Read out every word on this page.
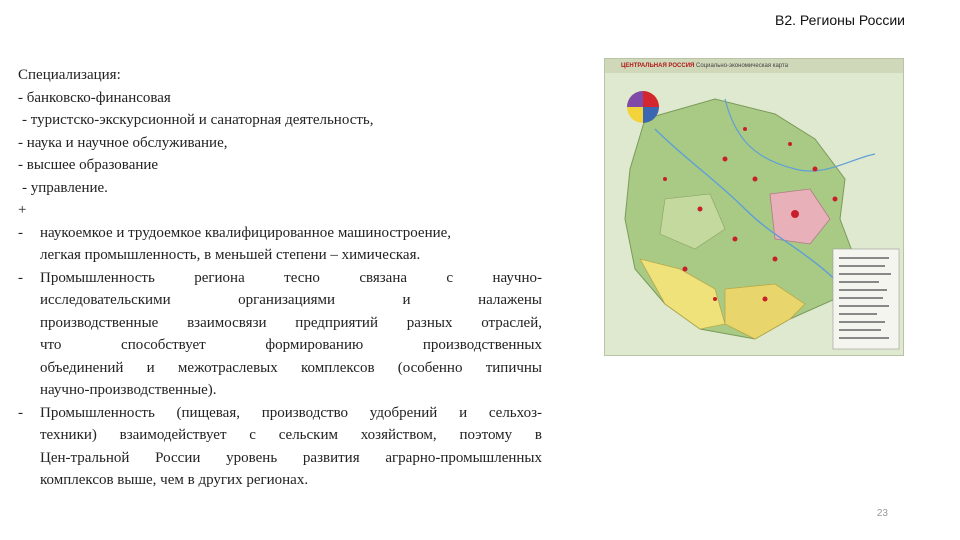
В2. Регионы России
Специализация:
- банковско-финансовая
- туристско-экскурсионной и санаторная деятельность,
- наука и научное обслуживание,
- высшее образование
- управление.
+
-	наукоемкое и трудоемкое квалифицированное машиностроение,
легкая промышленность, в меньшей степени – химическая.
-	Промышленность региона тесно связана с научно-
исследовательскими организациями и налажены
производственные взаимосвязи предприятий разных отраслей,
что способствует формированию производственных
объединений и межотраслевых комплексов (особенно типичны
научно-производственные).
-	Промышленность (пищевая, производство удобрений и сельхоз-
техники) взаимодействует с сельским хозяйством, поэтому в
Цен-тральной России уровень развития аграрно-промышленных
комплексов выше, чем в других регионах.
ЦЕНТРАЛЬНАЯ РОССИЯ Социально-экономическая карта
23
